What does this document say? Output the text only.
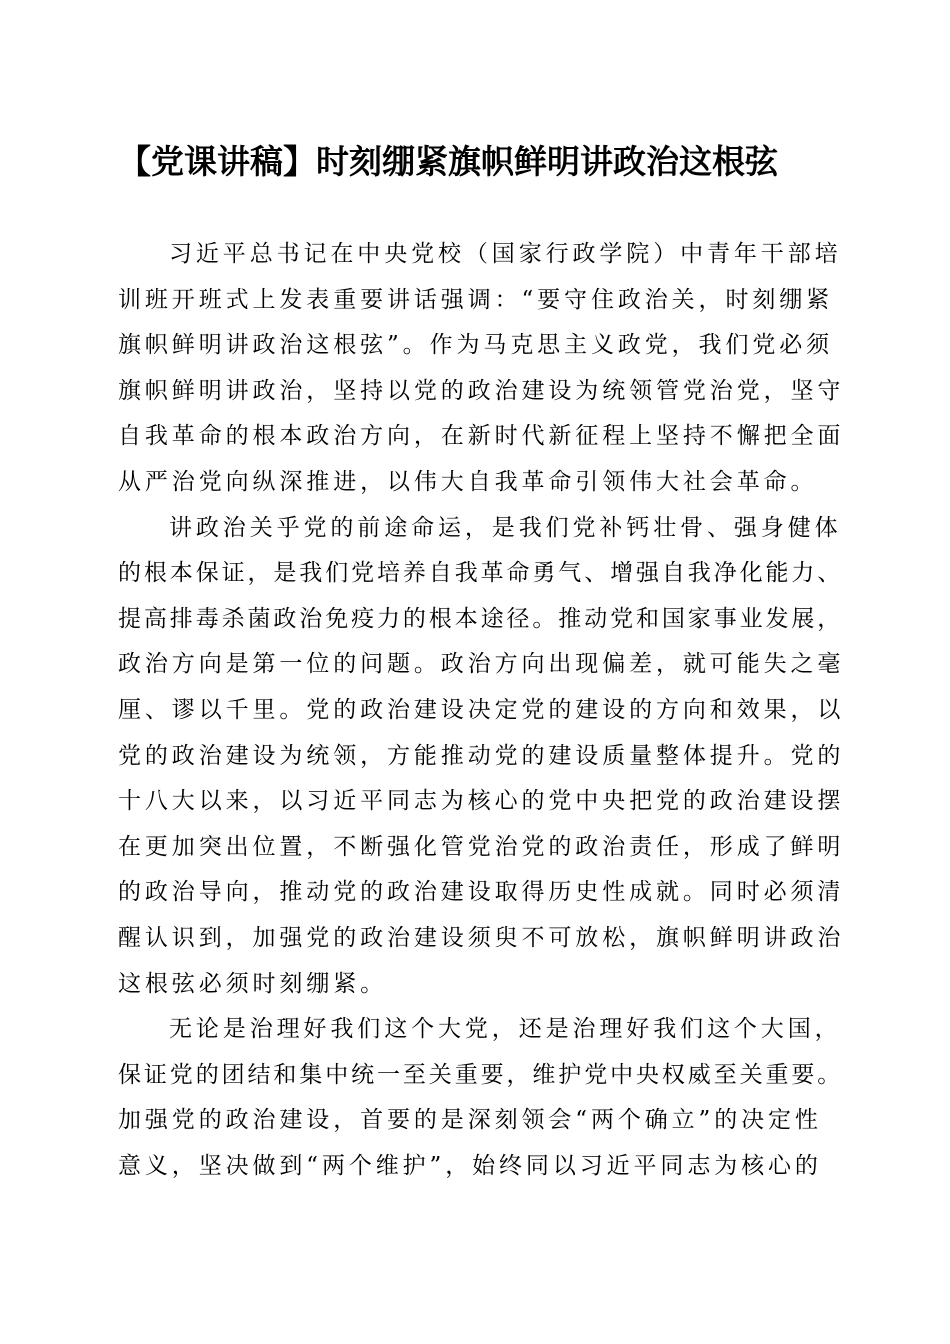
【党课讲稿】时刻绷紧旗帜鲜明讲政治这根弦
习近平总书记在中央党校（国家行政学院）中青年干部培
训班开班式上发表重要讲话强调：“要守住政治关，时刻绷紧
旗帜鲜明讲政治这根弦”。作为马克思主义政党，我们党必须
旗帜鲜明讲政治，坚持以党的政治建设为统领管党治党，坚守
自我革命的根本政治方向，在新时代新征程上坚持不懈把全面
从严治党向纵深推进，以伟大自我革命引领伟大社会革命。
讲政治关乎党的前途命运，是我们党补钙壮骨、强身健体
的根本保证，是我们党培养自我革命勇气、增强自我净化能力、
提高排毒杀菌政治免疫力的根本途径。推动党和国家事业发展，
政治方向是第一位的问题。政治方向出现偏差，就可能失之毫
厘、谬以千里。党的政治建设决定党的建设的方向和效果，以
党的政治建设为统领，方能推动党的建设质量整体提升。党的
十八大以来，以习近平同志为核心的党中央把党的政治建设摆
在更加突出位置，不断强化管党治党的政治责任，形成了鲜明
的政治导向，推动党的政治建设取得历史性成就。同时必须清
醒认识到，加强党的政治建设须臾不可放松，旗帜鲜明讲政治
这根弦必须时刻绷紧。
无论是治理好我们这个大党，还是治理好我们这个大国，
保证党的团结和集中统一至关重要，维护党中央权威至关重要。
加强党的政治建设，首要的是深刻领会“两个确立”的决定性
意义，坚决做到“两个维护”，始终同以习近平同志为核心的
